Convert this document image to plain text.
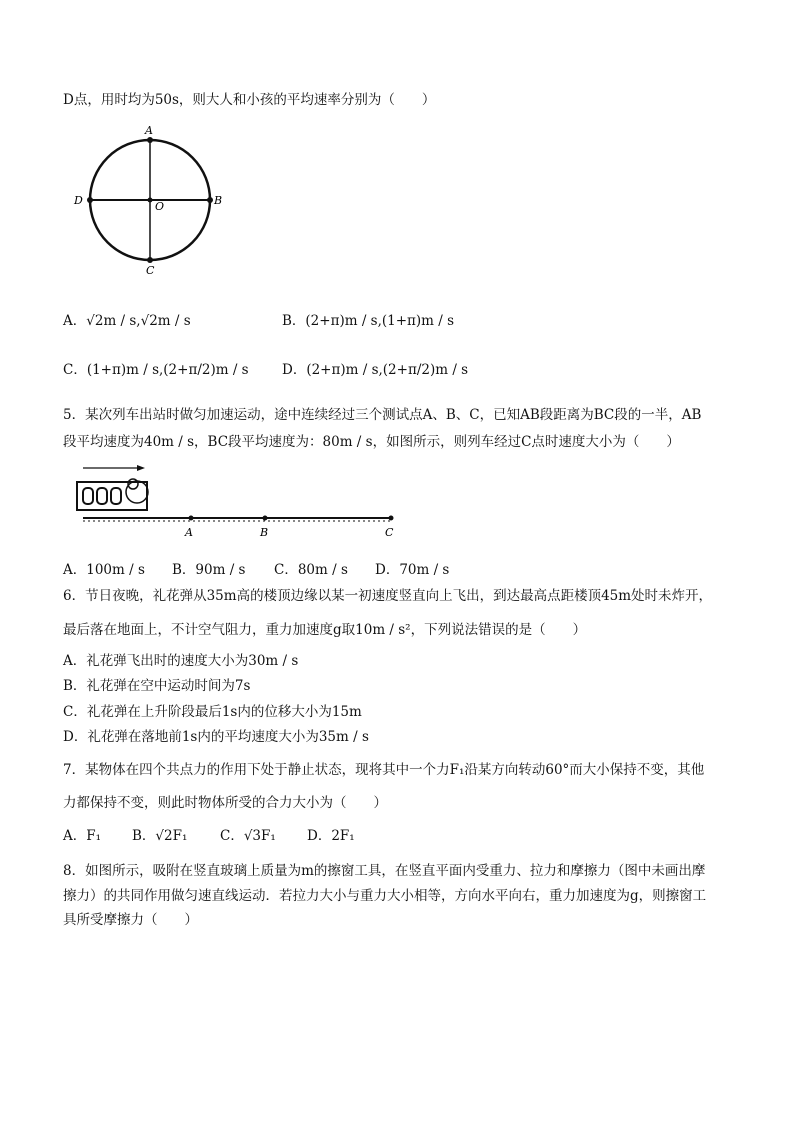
D点，用时均为50s，则大人和小孩的平均速率分别为（　　）
A
B
C
D	O
A．√2m / s,√2m / s	B．(2+π)m / s,(1+π)m / s
C．(1+π)m / s,(2+π/2)m / s D．(2+π)m / s,(2+π/2)m / s
5．某次列车出站时做匀加速运动，途中连续经过三个测试点A、B、C，已知AB段距离为BC段的一半，AB
段平均速度为40m / s，BC段平均速度为：80m / s，如图所示，则列车经过C点时速度大小为（　　）
A	B	C
A．100m / s B．90m / s C．80m / s D．70m / s
6．节日夜晚，礼花弹从35m高的楼顶边缘以某一初速度竖直向上飞出，到达最高点距楼顶45m处时未炸开，
最后落在地面上，不计空气阻力，重力加速度g取10m / s²，下列说法错误的是（　　）
A．礼花弹飞出时的速度大小为30m / s
B．礼花弹在空中运动时间为7s
C．礼花弹在上升阶段最后1s内的位移大小为15m
D．礼花弹在落地前1s内的平均速度大小为35m / s
7．某物体在四个共点力的作用下处于静止状态，现将其中一个力F₁沿某方向转动60°而大小保持不变，其他
力都保持不变，则此时物体所受的合力大小为（　　）
A．F₁ B．√2F₁ C．√3F₁ D．2F₁
8．如图所示，吸附在竖直玻璃上质量为m的擦窗工具，在竖直平面内受重力、拉力和摩擦力（图中未画出摩
擦力）的共同作用做匀速直线运动．若拉力大小与重力大小相等，方向水平向右，重力加速度为g，则擦窗工
具所受摩擦力（　　）
